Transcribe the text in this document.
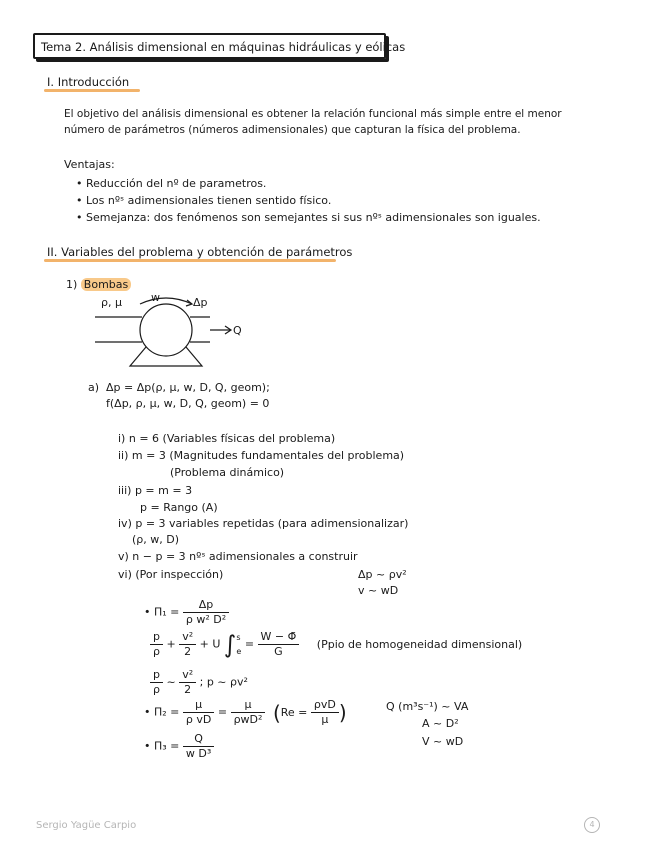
Tema 2. Análisis dimensional en máquinas hidráulicas y eólicas
I. Introducción
El objetivo del análisis dimensional es obtener la relación funcional más simple entre el menor
número de parámetros (números adimensionales) que capturan la física del problema.
Ventajas:
• Reducción del nº de parametros.
• Los nºˢ adimensionales tienen sentido físico.
• Semejanza: dos fenómenos son semejantes si sus nºˢ adimensionales son iguales.
II. Variables del problema y obtención de parámetros
1) Bombas
ρ, μ	w	Δp
Q
a) Δp = Δp(ρ, μ, w, D, Q, geom);
f(Δp, ρ, μ, w, D, Q, geom) = 0
i) n = 6 (Variables físicas del problema)
ii) m = 3 (Magnitudes fundamentales del problema)
(Problema dinámico)
iii) p = m = 3
p = Rango (A)
iv) p = 3 variables repetidas (para adimensionalizar)
(ρ, w, D)
v) n − p = 3 nºˢ adimensionales a construir
vi) (Por inspección)	Δp ~ ρv²
v ~ wD
• $\Pi_1 = \frac{\Delta p}{\text{ρ w² D²}}$
$\frac{p}{\rho} + \frac{\text{v²}}{2} + U$ ∫ s
e
= $\frac{W - \Phī}{G}$ (Ppio de homogeneidad dimensional)
$\frac{p}{\rho}$ ~ $\frac{\text{v²}}{2}$ ; p ~ ρv²
• $\Pi_2 = \frac{\mu}{\text{ρ vD}} = \frac{\mu}{\text{ρwD²}} (Re = \frac{\text{ρvD}}{\mu}$ )	Q (m³s⁻¹) ~ VA
A ~ D²
V ~ wD
• $\Pi_3 = \frac{Q}{\text{w D³}}$
Sergio Yagüe Carpio	4
